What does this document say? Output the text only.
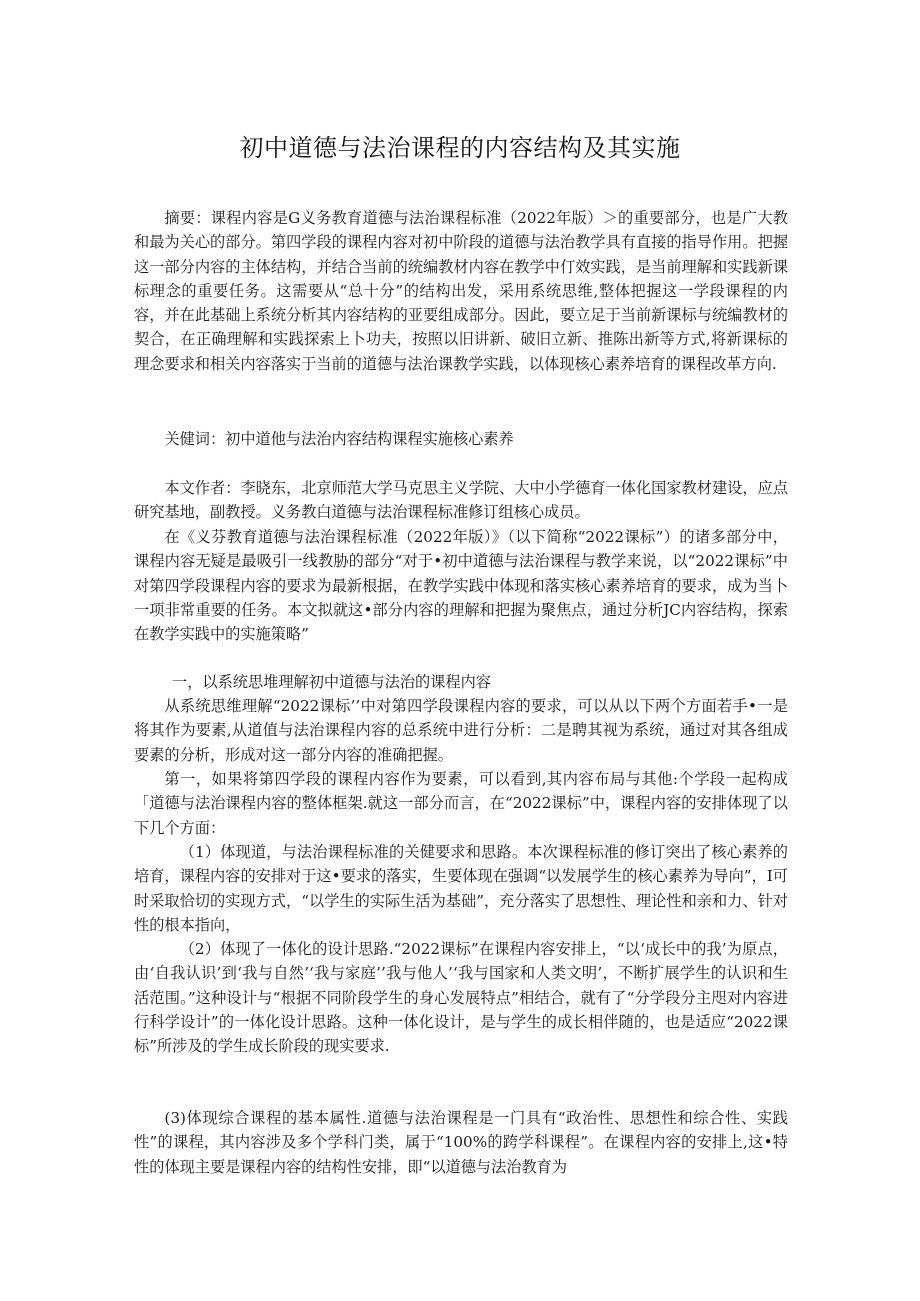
初中道德与法治课程的内容结构及其实施

摘要：课程内容是G义务教育道德与法治课程标准（2022年版）＞的重要部分，也是广大教和最为关心的部分。第四学段的课程内容对初中阶段的道德与法治教学具有直接的指导作用。把握这一部分内容的主体结构，并结合当前的统编教材内容在教学中仃效实践，是当前理解和实践新课标理念的重要任务。这需要从“总十分”的结构出发，采用系统思维,整体把握这一学段课程的内容，并在此基础上系统分析其内容结构的亚要组成部分。因此，要立足于当前新课标与统编教材的契合，在正确理解和实践探索上卜功夫，按照以旧讲新、破旧立新、推陈出新等方式,将新课标的理念要求和相关内容落实于当前的道德与法治课教学实践，以体现核心素养培育的课程改革方向.

关健词：初中道他与法治内容结构课程实施核心素养

本文作者：李晓东，北京师范大学马克思主义学院、大中小学德育一体化国家教材建设，应点研究基地，副教授。义务教白道德与法治课程标准修订组核心成员。

在《义芬教育道德与法治课程标准（2022年版）》（以下简称“2022课标”）的诸多部分中，课程内容无疑是最吸引一线教胁的部分“对于•初中道德与法治课程与教学来说，以“2022课标”中对第四学段课程内容的要求为最新根据，在教学实践中体现和落实核心素养培育的要求，成为当卜一项非常重要的任务。本文拟就这•部分内容的理解和把握为聚焦点，通过分析JC内容结构，探索在教学实践中的实施策略”

一，以系统思堆理解初中道德与法治的课程内容

从系统思维理解“2022课标’’中对第四学段课程内容的要求，可以从以下两个方面若手•一是将其作为要素,从道值与法治课程内容的总系统中进行分析：二是聘其视为系统，通过对其各组成要素的分析，形成对这一部分内容的准确把握。

第一，如果将第四学段的课程内容作为要素，可以看到,其内容布局与其他:个学段一起构成「道德与法治课程内容的整体框架.就这一部分而言，在“2022课标”中，课程内容的安排体现了以下几个方面：

（1）体现道，与法治课程标准的关健要求和思路。本次课程标准的修订突出了核心素养的培育，课程内容的安排对于这•要求的落实，生要体现在强调“以发展学生的核心素养为导向”，I可时采取恰切的实现方式，“以学生的实际生活为基础”，充分落实了思想性、理论性和亲和力、针对性的根本指向，

（2）体现了一体化的设计思路.“2022课标”在课程内容安排上，“以‘成长中的我’为原点，由‘自我认识’到‘我与自然’‘我与家庭’’我与他人’‘我与国家和人类文明’，不断扩展学生的认识和生活范围。”这种设计与“根据不同阶段学生的身心发展特点”相结合，就有了“分学段分主咫对内容进行科学设计”的一体化设计思路。这种一体化设计，是与学生的成长相伴随的，也是适应“2022课标”所涉及的学生成长阶段的现实要求.

(3)体现综合课程的基本属性.道德与法治课程是一门具有“政治性、思想性和综合性、实践性”的课程，其内容涉及多个学科门类，属于“100%的跨学科课程”。在课程内容的安排上,这•特性的体现主要是课程内容的结构性安排，即“以道德与法治教育为
